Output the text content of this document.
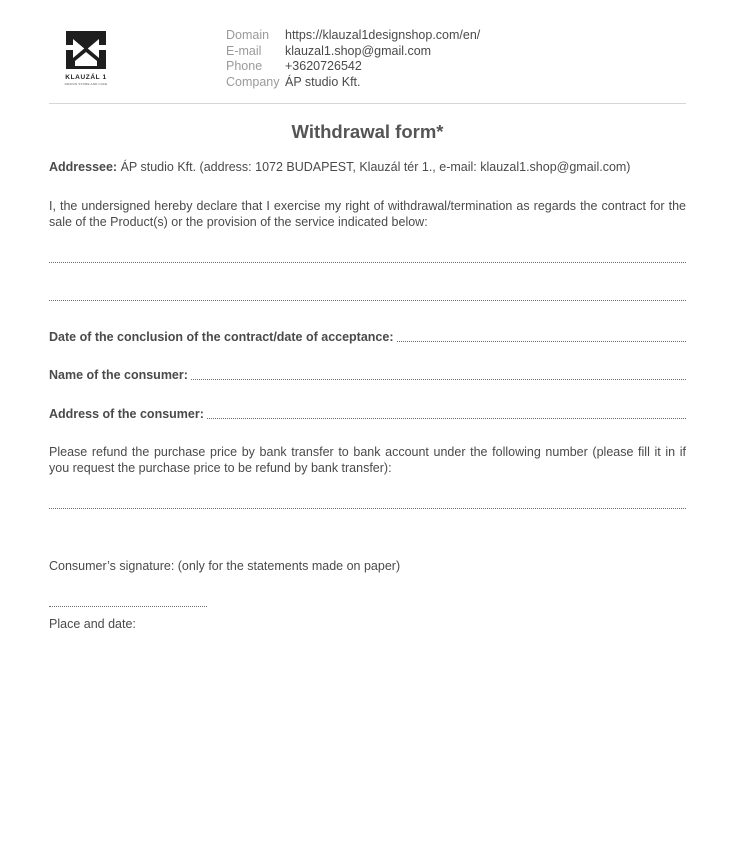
KLAUZÁL 1
DESIGN STORE AND CAFE
Domain	https://klauzal1designshop.com/en/
E-mail	klauzal1.shop@gmail.com
Phone	+3620726542
Company ÁP studio Kft.
Withdrawal form*
Addressee: ÁP studio Kft. (address: 1072 BUDAPEST, Klauzál tér 1., e-mail: klauzal1.shop@gmail.com)
I, the undersigned hereby declare that I exercise my right of withdrawal/termination as regards the contract for the sale of the Product(s) or the provision of the service indicated below:
Date of the conclusion of the contract/date of acceptance:
Name of the consumer:
Address of the consumer:
Please refund the purchase price by bank transfer to bank account under the following number (please fill it in if you request the purchase price to be refund by bank transfer):
Consumer’s signature: (only for the statements made on paper)
Place and date:
